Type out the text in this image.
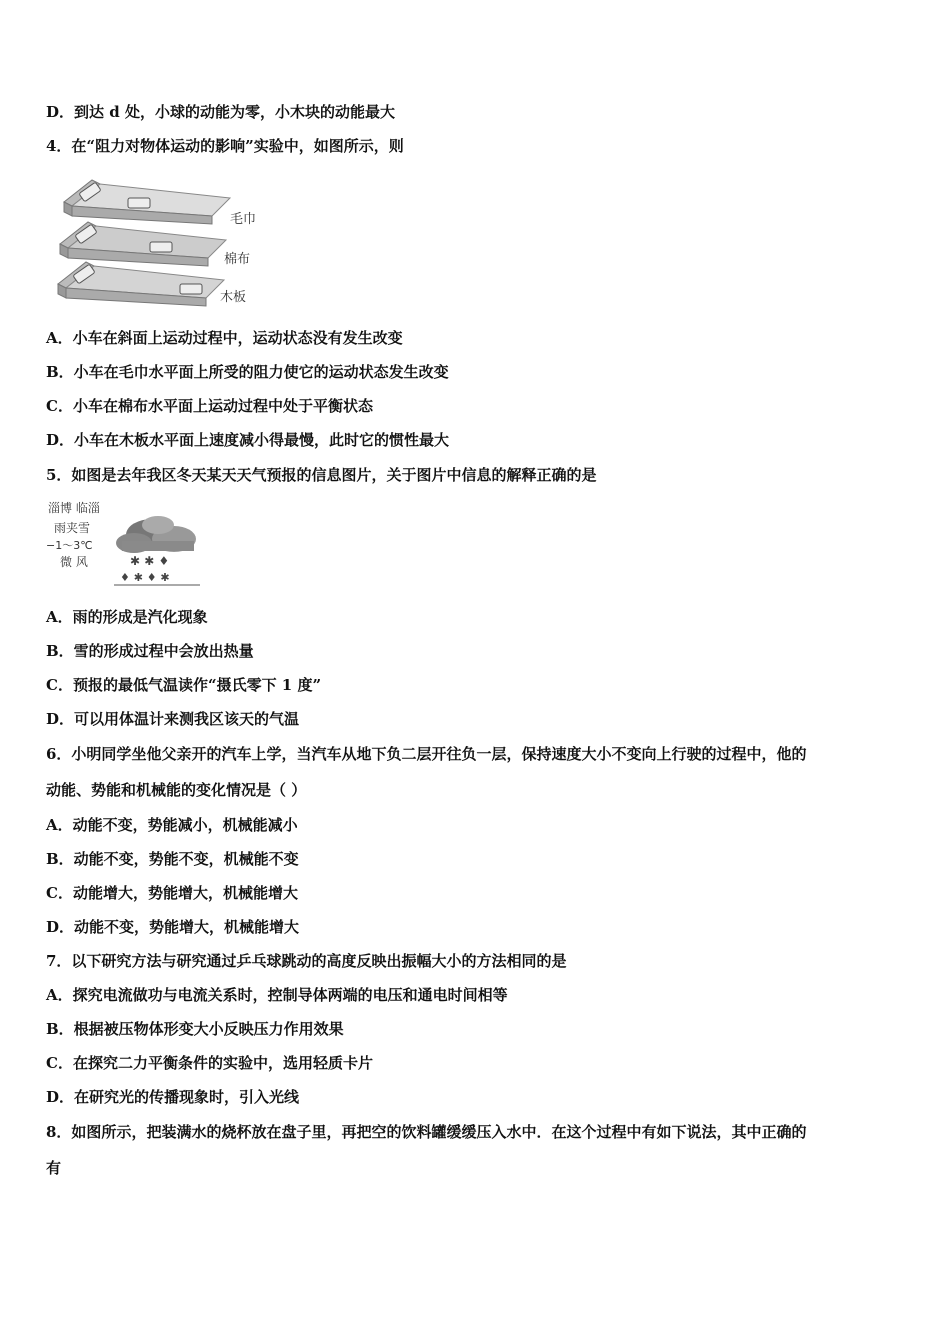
D．到达 d 处，小球的动能为零，小木块的动能最大
4．在“阻力对物体运动的影响”实验中，如图所示，则
毛巾
棉布
木板
A．小车在斜面上运动过程中，运动状态没有发生改变
B．小车在毛巾水平面上所受的阻力使它的运动状态发生改变
C．小车在棉布水平面上运动过程中处于平衡状态
D．小车在木板水平面上速度减小得最慢，此时它的惯性最大
5．如图是去年我区冬天某天天气预报的信息图片，关于图片中信息的解释正确的是
淄博 临淄
雨夹雪
−1～3℃
微 风	✱ ✱ ♦
♦ ✱ ♦ ✱
A．雨的形成是汽化现象
B．雪的形成过程中会放出热量
C．预报的最低气温读作“摄氏零下 1 度”
D．可以用体温计来测我区该天的气温
6．小明同学坐他父亲开的汽车上学，当汽车从地下负二层开往负一层，保持速度大小不变向上行驶的过程中，他的
动能、势能和机械能的变化情况是（ ）
A．动能不变，势能减小，机械能减小
B．动能不变，势能不变，机械能不变
C．动能增大，势能增大，机械能增大
D．动能不变，势能增大，机械能增大
7．以下研究方法与研究通过乒乓球跳动的高度反映出振幅大小的方法相同的是
A．探究电流做功与电流关系时，控制导体两端的电压和通电时间相等
B．根据被压物体形变大小反映压力作用效果
C．在探究二力平衡条件的实验中，选用轻质卡片
D．在研究光的传播现象时，引入光线
8．如图所示，把装满水的烧杯放在盘子里，再把空的饮料罐缓缓压入水中．在这个过程中有如下说法，其中正确的
有
